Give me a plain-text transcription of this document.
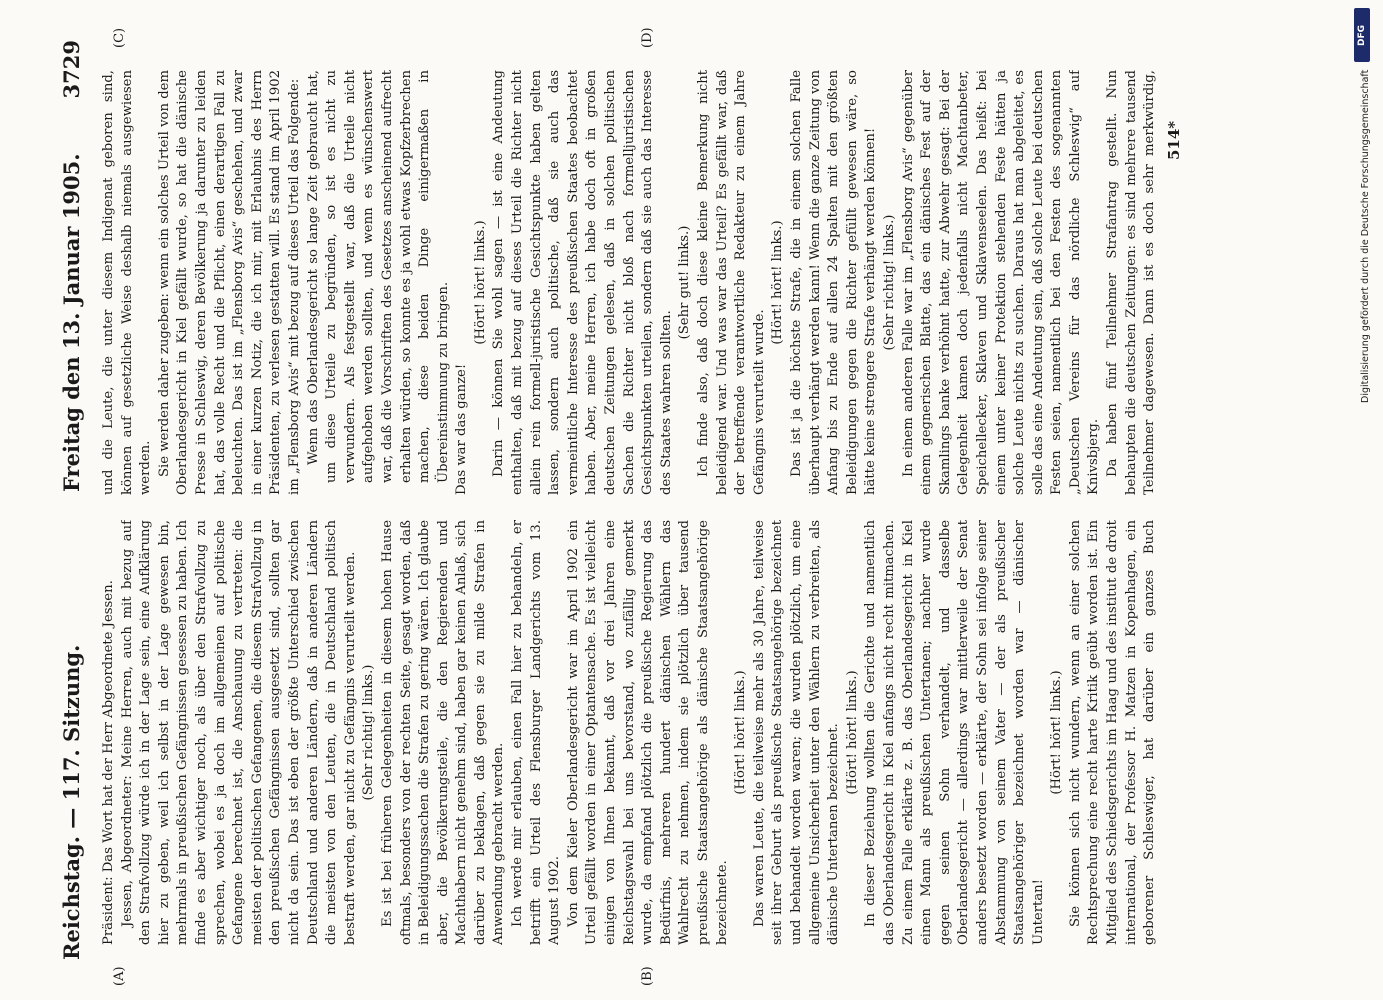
Reichstag. — 117. Sitzung.
Freitag den 13. Januar 1905.
3729
(A)	(B)
(C)	(D)

Präsident: Das Wort hat der Herr Abgeordnete Jessen. Jessen, Abgeordneter: Meine Herren, auch mit bezug auf den Strafvollzug würde ich in der Lage sein, eine Aufklärung hier zu geben, weil ich selbst in der Lage gewesen bin, mehrmals in preußischen Gefängnissen gesessen zu haben. Ich finde es aber wichtiger noch, als über den Strafvollzug zu sprechen, wobei es ja doch im allgemeinen auf politische Gefangene berechnet ist, die Anschauung zu vertreten: die meisten der politischen Gefangenen, die diesem Strafvollzug in den preußischen Gefängnissen ausgesetzt sind, sollten gar nicht da sein. Das ist eben der größte Unterschied zwischen Deutschland und anderen Ländern, daß in anderen Ländern die meisten von den Leuten, die in Deutschland politisch bestraft werden, gar nicht zu Gefängnis verurteilt werden. (Sehr richtig! links.) Es ist bei früheren Gelegenheiten in diesem hohen Hause oftmals, besonders von der rechten Seite, gesagt worden, daß in Beleidigungssachen die Strafen zu gering wären. Ich glaube aber, die Bevölkerungsteile, die den Regierenden und Machthabern nicht genehm sind, haben gar keinen Anlaß, sich darüber zu beklagen, daß gegen sie zu milde Strafen in Anwendung gebracht werden. Ich werde mir erlauben, einen Fall hier zu behandeln, er betrifft ein Urteil des Flensburger Landgerichts vom 13. August 1902. Von dem Kieler Oberlandesgericht war im April 1902 ein Urteil gefällt worden in einer Optantensache. Es ist vielleicht einigen von Ihnen bekannt, daß vor drei Jahren eine Reichstagswahl bei uns bevorstand, wo zufällig gemerkt wurde, da empfand plötzlich die preußische Regierung das Bedürfnis, mehreren hundert dänischen Wählern das Wahlrecht zu nehmen, indem sie plötzlich über tausend preußische Staatsangehörige als dänische Staatsangehörige bezeichnete.

(Hört! hört! links.) Das waren Leute, die teilweise mehr als 30 Jahre, teilweise seit ihrer Geburt als preußische Staatsangehörige bezeichnet und behandelt worden waren; die wurden plötzlich, um eine allgemeine Unsicherheit unter den Wählern zu verbreiten, als dänische Untertanen bezeichnet. (Hört! hört! links.) In dieser Beziehung wollten die Gerichte und namentlich das Oberlandesgericht in Kiel anfangs nicht recht mitmachen. Zu einem Falle erklärte z. B. das Oberlandesgericht in Kiel einen Mann als preußischen Untertanen; nachher wurde gegen seinen Sohn verhandelt, und dasselbe Oberlandesgericht — allerdings war mittlerweile der Senat anders besetzt worden — erklärte, der Sohn sei infolge seiner Abstammung von seinem Vater — der als preußischer Staatsangehöriger bezeichnet worden war — dänischer Untertan!

(Hört! hört! links.)

Sie können sich nicht wundern, wenn an einer solchen Rechtsprechung eine recht harte Kritik geübt worden ist. Ein Mitglied des Schiedsgerichts im Haag und des institut de droit international, der Professor H. Matzen in Kopenhagen, ein geborener Schleswiger, hat darüber ein ganzes Buch

und die Leute, die unter diesem Indigenat geboren sind, können auf gesetzliche Weise deshalb niemals ausgewiesen werden. Sie werden daher zugeben: wenn ein solches Urteil von dem Oberlandesgericht in Kiel gefällt wurde, so hat die dänische Presse in Schleswig, deren Bevölkerung ja darunter zu leiden hat, das volle Recht und die Pflicht, einen derartigen Fall zu beleuchten. Das ist im „Flensborg Avis“ geschehen, und zwar in einer kurzen Notiz, die ich mir, mit Erlaubnis des Herrn Präsidenten, zu verlesen gestatten will. Es stand im April 1902 im „Flensborg Avis“ mit bezug auf dieses Urteil das Folgende: Wenn das Oberlandesgericht so lange Zeit gebraucht hat, um diese Urteile zu begründen, so ist es nicht zu verwundern. Als festgestellt war, daß die Urteile nicht aufgehoben werden sollten, und wenn es wünschenswert war, daß die Vorschriften des Gesetzes anscheinend aufrecht erhalten würden, so konnte es ja wohl etwas Kopfzerbrechen machen, diese beiden Dinge einigermaßen in Übereinstimmung zu bringen. Das war das ganze!

(Hört! hört! links.) Darin — können Sie wohl sagen — ist eine Andeutung enthalten, daß mit bezug auf dieses Urteil die Richter nicht allein rein formell-juristische Gesichtspunkte haben gelten lassen, sondern auch politische, daß sie auch das vermeintliche Interesse des preußischen Staates beobachtet haben. Aber, meine Herren, ich habe doch oft in großen deutschen Zeitungen gelesen, daß in solchen politischen Sachen die Richter nicht bloß nach formelljuristischen Gesichtspunkten urteilen, sondern daß sie auch das Interesse des Staates wahren sollten.

(Sehr gut! links.) Ich finde also, daß doch diese kleine Bemerkung nicht beleidigend war. Und was war das Urteil? Es gefällt war, daß der betreffende verantwortliche Redakteur zu einem Jahre Gefängnis verurteilt wurde.

(Hört! hört! links.) Das ist ja die höchste Strafe, die in einem solchen Falle überhaupt verhängt werden kann! Wenn die ganze Zeitung von Anfang bis zu Ende auf allen 24 Spalten mit den größten Beleidigungen gegen die Richter gefüllt gewesen wäre, so hätte keine strengere Strafe verhängt werden können! (Sehr richtig! links.) In einem anderen Falle war im „Flensborg Avis“ gegenüber einem gegnerischen Blatte, das ein dänisches Fest auf der Skamlings banke verhöhnt hatte, zur Abwehr gesagt: Bei der Gelegenheit kamen doch jedenfalls nicht Machtanbeter, Speichellecker, Sklaven und Sklavenseelen. Das heißt: bei einem unter keiner Protektion stehenden Feste hätten ja solche Leute nichts zu suchen. Daraus hat man abgeleitet, es solle das eine Andeutung sein, daß solche Leute bei deutschen Festen seien, namentlich bei den Festen des sogenannten „Deutschen Vereins für das nördliche Schleswig“ auf Knivsbjerg. Da haben fünf Teilnehmer Strafantrag gestellt. Nun behaupten die deutschen Zeitungen: es sind mehrere tausend Teilnehmer dagewesen. Dann ist es doch sehr merkwürdig, 514*
DFG
Digitalisierung gefördert durch die Deutsche Forschungsgemeinschaft
